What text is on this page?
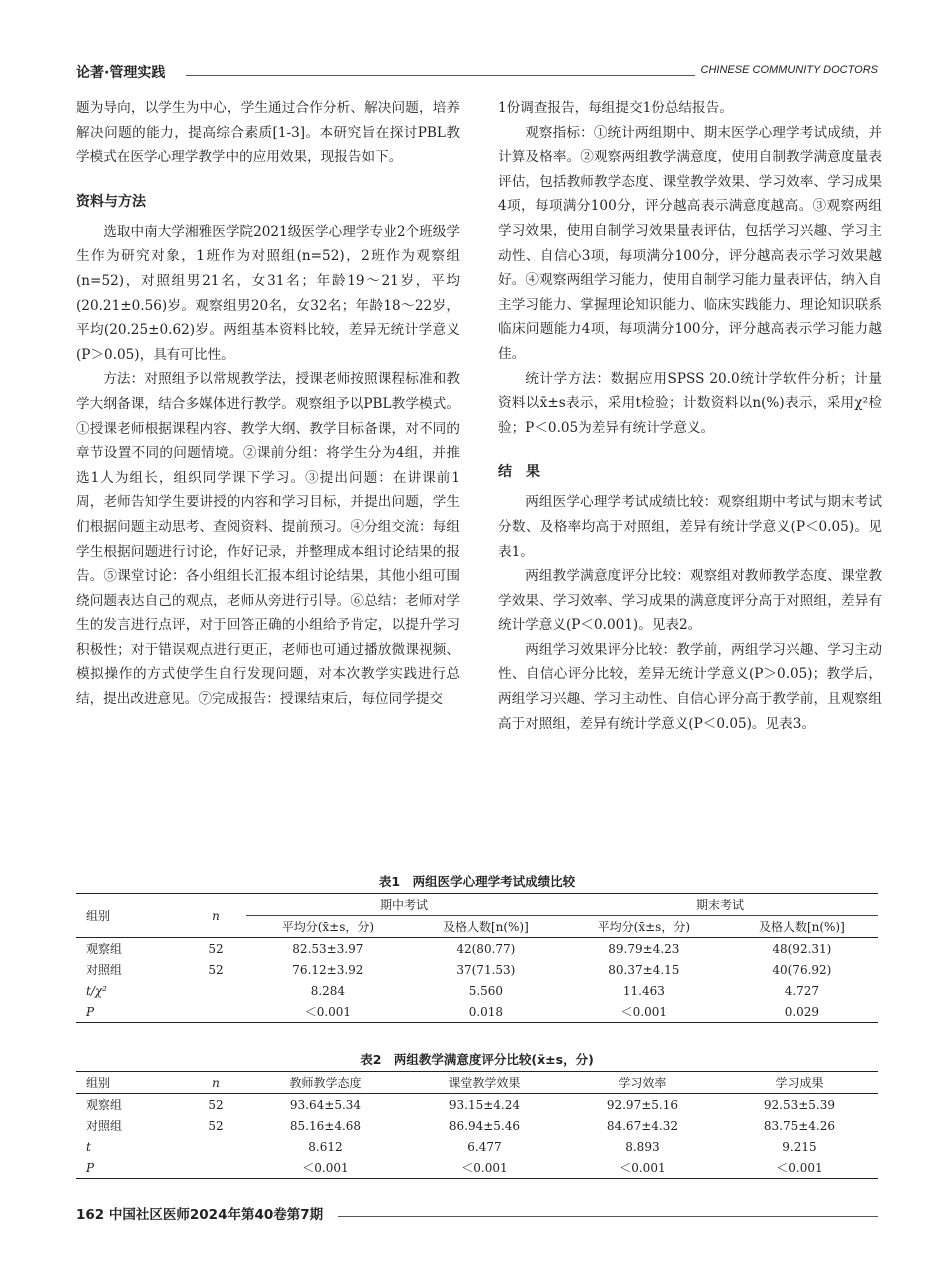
论著·管理实践	CHINESE COMMUNITY DOCTORS

题为导向，以学生为中心，学生通过合作分析、解决问题，培养解决问题的能力，提高综合素质[1-3]。本研究旨在探讨PBL教学模式在医学心理学教学中的应用效果，现报告如下。

资料与方法

选取中南大学湘雅医学院2021级医学心理学专业2个班级学生作为研究对象，1班作为对照组(n=52)，2班作为观察组(n=52)，对照组男21名，女31名；年龄19～21岁，平均(20.21±0.56)岁。观察组男20名，女32名；年龄18～22岁，平均(20.25±0.62)岁。两组基本资料比较，差异无统计学意义(P＞0.05)，具有可比性。

方法：对照组予以常规教学法，授课老师按照课程标准和教学大纲备课，结合多媒体进行教学。观察组予以PBL教学模式。①授课老师根据课程内容、教学大纲、教学目标备课，对不同的章节设置不同的问题情境。②课前分组：将学生分为4组，并推选1人为组长，组织同学课下学习。③提出问题：在讲课前1周，老师告知学生要讲授的内容和学习目标，并提出问题，学生们根据问题主动思考、查阅资料、提前预习。④分组交流：每组学生根据问题进行讨论，作好记录，并整理成本组讨论结果的报告。⑤课堂讨论：各小组组长汇报本组讨论结果，其他小组可围绕问题表达自己的观点，老师从旁进行引导。⑥总结：老师对学生的发言进行点评，对于回答正确的小组给予肯定，以提升学习积极性；对于错误观点进行更正，老师也可通过播放微课视频、模拟操作的方式使学生自行发现问题，对本次教学实践进行总结，提出改进意见。⑦完成报告：授课结束后，每位同学提交

1份调查报告，每组提交1份总结报告。

观察指标：①统计两组期中、期末医学心理学考试成绩，并计算及格率。②观察两组教学满意度，使用自制教学满意度量表评估，包括教师教学态度、课堂教学效果、学习效率、学习成果4项，每项满分100分，评分越高表示满意度越高。③观察两组学习效果，使用自制学习效果量表评估，包括学习兴趣、学习主动性、自信心3项，每项满分100分，评分越高表示学习效果越好。④观察两组学习能力，使用自制学习能力量表评估，纳入自主学习能力、掌握理论知识能力、临床实践能力、理论知识联系临床问题能力4项，每项满分100分，评分越高表示学习能力越佳。

统计学方法：数据应用SPSS 20.0统计学软件分析；计量资料以x̄±s表示，采用t检验；计数资料以n(%)表示，采用χ²检验；P＜0.05为差异有统计学意义。

结　果

两组医学心理学考试成绩比较：观察组期中考试与期末考试分数、及格率均高于对照组，差异有统计学意义(P＜0.05)。见表1。

两组教学满意度评分比较：观察组对教师教学态度、课堂教学效果、学习效率、学习成果的满意度评分高于对照组，差异有统计学意义(P＜0.001)。见表2。

两组学习效果评分比较：教学前，两组学习兴趣、学习主动性、自信心评分比较，差异无统计学意义(P＞0.05)；教学后，两组学习兴趣、学习主动性、自信心评分高于教学前，且观察组高于对照组，差异有统计学意义(P＜0.05)。见表3。

表1　两组医学心理学考试成绩比较
组别	n	期中考试		期末考试	
		平均分(x̄±s，分)	及格人数[n(%)]	平均分(x̄±s，分)	及格人数[n(%)]
观察组	52	82.53±3.97	42(80.77)	89.79±4.23	48(92.31)
对照组	52	76.12±3.92	37(71.53)	80.37±4.15	40(76.92)
t/χ²		8.284	5.560	11.463	4.727
P		＜0.001	0.018	＜0.001	0.029
表2　两组教学满意度评分比较(x̄±s，分)
组别	n	教师教学态度	课堂教学效果	学习效率	学习成果
观察组	52	93.64±5.34	93.15±4.24	92.97±5.16	92.53±5.39
对照组	52	85.16±4.68	86.94±5.46	84.67±4.32	83.75±4.26
t		8.612	6.477	8.893	9.215
P		＜0.001	＜0.001	＜0.001	＜0.001
162 中国社区医师2024年第40卷第7期
